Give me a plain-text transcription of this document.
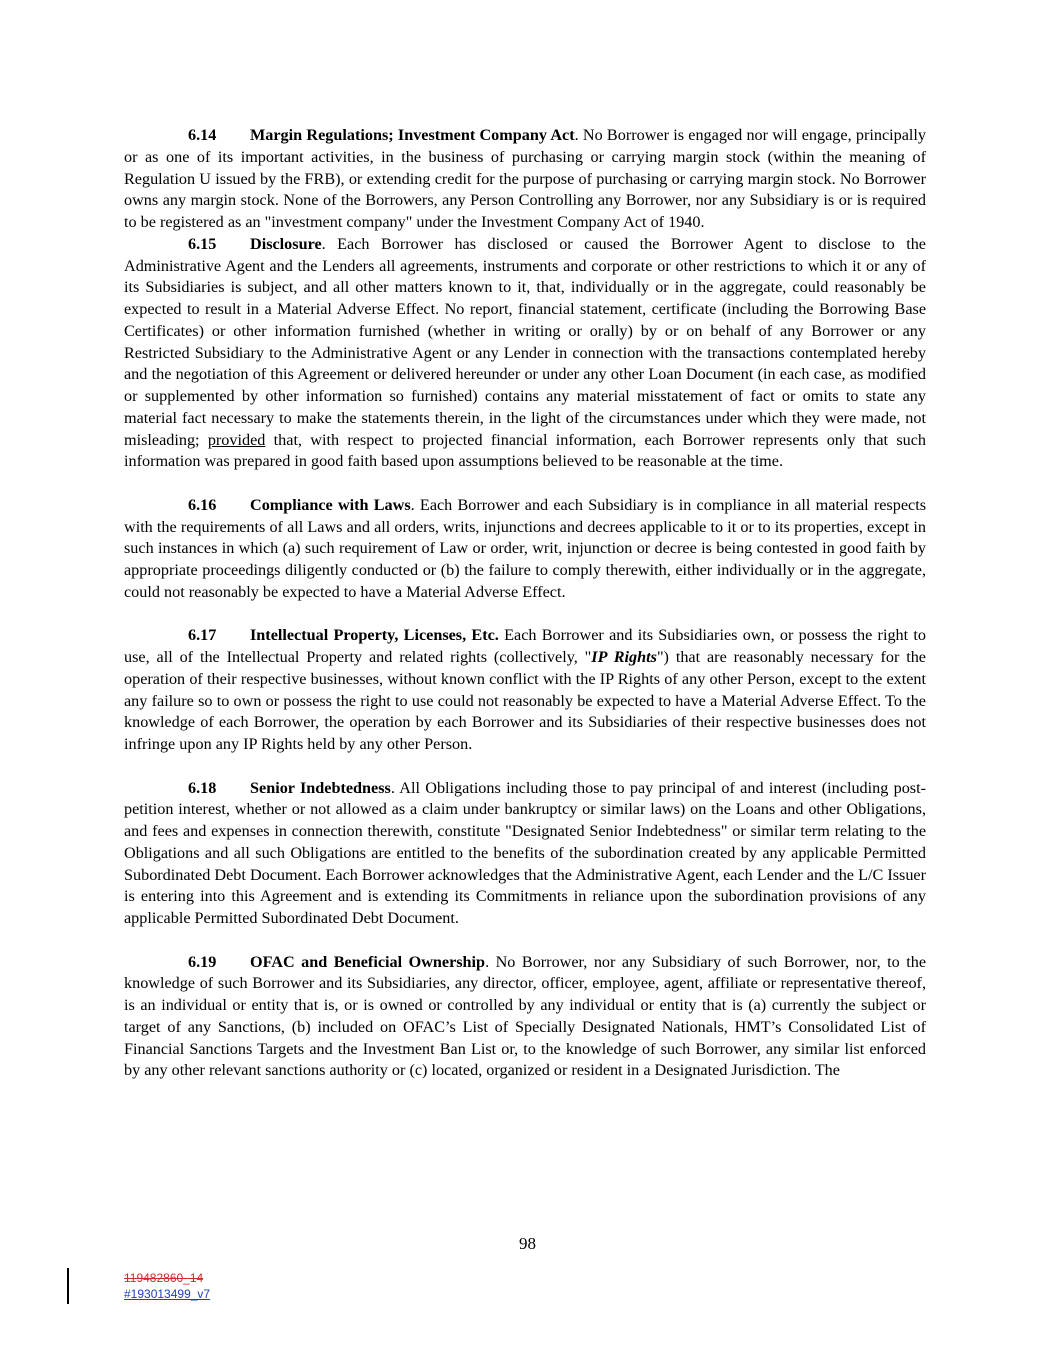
6.14 Margin Regulations; Investment Company Act. No Borrower is engaged nor will engage, principally or as one of its important activities, in the business of purchasing or carrying margin stock (within the meaning of Regulation U issued by the FRB), or extending credit for the purpose of purchasing or carrying margin stock. No Borrower owns any margin stock. None of the Borrowers, any Person Controlling any Borrower, nor any Subsidiary is or is required to be registered as an "investment company" under the Investment Company Act of 1940.

6.15 Disclosure. Each Borrower has disclosed or caused the Borrower Agent to disclose to the Administrative Agent and the Lenders all agreements, instruments and corporate or other restrictions to which it or any of its Subsidiaries is subject, and all other matters known to it, that, individually or in the aggregate, could reasonably be expected to result in a Material Adverse Effect. No report, financial statement, certificate (including the Borrowing Base Certificates) or other information furnished (whether in writing or orally) by or on behalf of any Borrower or any Restricted Subsidiary to the Administrative Agent or any Lender in connection with the transactions contemplated hereby and the negotiation of this Agreement or delivered hereunder or under any other Loan Document (in each case, as modified or supplemented by other information so furnished) contains any material misstatement of fact or omits to state any material fact necessary to make the statements therein, in the light of the circumstances under which they were made, not misleading; provided that, with respect to projected financial information, each Borrower represents only that such information was prepared in good faith based upon assumptions believed to be reasonable at the time.

6.16 Compliance with Laws. Each Borrower and each Subsidiary is in compliance in all material respects with the requirements of all Laws and all orders, writs, injunctions and decrees applicable to it or to its properties, except in such instances in which (a) such requirement of Law or order, writ, injunction or decree is being contested in good faith by appropriate proceedings diligently conducted or (b) the failure to comply therewith, either individually or in the aggregate, could not reasonably be expected to have a Material Adverse Effect.

6.17 Intellectual Property, Licenses, Etc. Each Borrower and its Subsidiaries own, or possess the right to use, all of the Intellectual Property and related rights (collectively, "IP Rights") that are reasonably necessary for the operation of their respective businesses, without known conflict with the IP Rights of any other Person, except to the extent any failure so to own or possess the right to use could not reasonably be expected to have a Material Adverse Effect. To the knowledge of each Borrower, the operation by each Borrower and its Subsidiaries of their respective businesses does not infringe upon any IP Rights held by any other Person.

6.18 Senior Indebtedness. All Obligations including those to pay principal of and interest (including post-petition interest, whether or not allowed as a claim under bankruptcy or similar laws) on the Loans and other Obligations, and fees and expenses in connection therewith, constitute "Designated Senior Indebtedness" or similar term relating to the Obligations and all such Obligations are entitled to the benefits of the subordination created by any applicable Permitted Subordinated Debt Document. Each Borrower acknowledges that the Administrative Agent, each Lender and the L/C Issuer is entering into this Agreement and is extending its Commitments in reliance upon the subordination provisions of any applicable Permitted Subordinated Debt Document.

6.19 OFAC and Beneficial Ownership. No Borrower, nor any Subsidiary of such Borrower, nor, to the knowledge of such Borrower and its Subsidiaries, any director, officer, employee, agent, affiliate or representative thereof, is an individual or entity that is, or is owned or controlled by any individual or entity that is (a) currently the subject or target of any Sanctions, (b) included on OFAC’s List of Specially Designated Nationals, HMT’s Consolidated List of Financial Sanctions Targets and the Investment Ban List or, to the knowledge of such Borrower, any similar list enforced by any other relevant sanctions authority or (c) located, organized or resident in a Designated Jurisdiction. The

98
119482860_14
#193013499_v7
